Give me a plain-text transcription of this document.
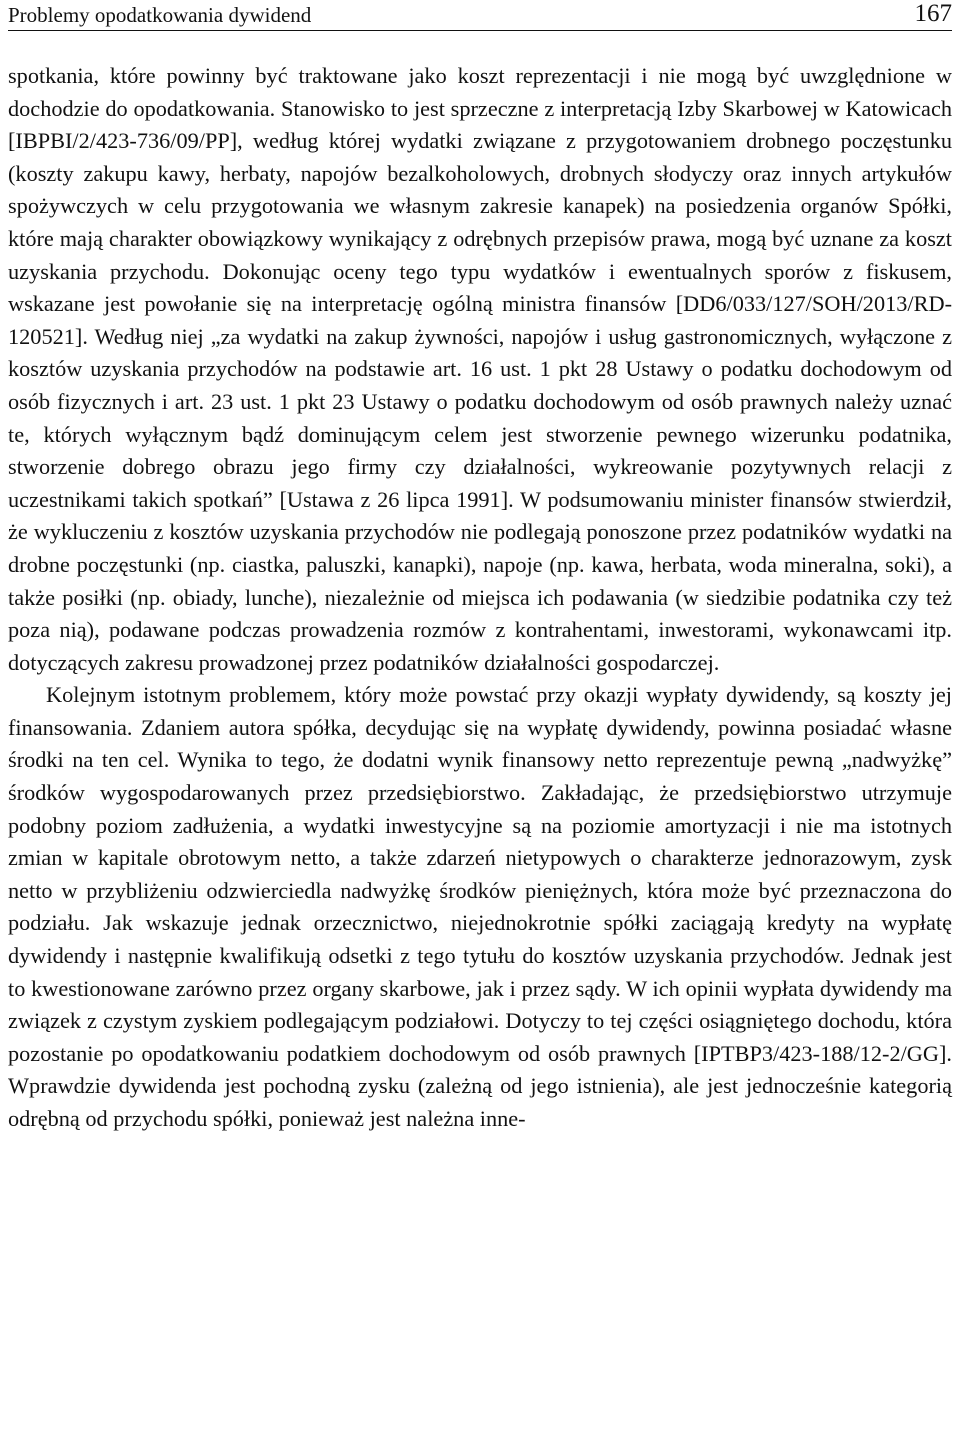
Problemy opodatkowania dywidend	167

spotkania, które powinny być traktowane jako koszt reprezentacji i nie mogą być uwzględnione w dochodzie do opodatkowania. Stanowisko to jest sprzeczne z interpretacją Izby Skarbowej w Katowicach [IBPBI/2/423-736/09/PP], według której wydatki związane z przygotowaniem drobnego poczęstunku (koszty zakupu kawy, herbaty, napojów bezalkoholowych, drobnych słodyczy oraz innych artykułów spożywczych w celu przygotowania we własnym zakresie kanapek) na posiedzenia organów Spółki, które mają charakter obowiązkowy wynikający z odrębnych przepisów prawa, mogą być uznane za koszt uzyskania przychodu. Dokonując oceny tego typu wydatków i ewentualnych sporów z fiskusem, wskazane jest powołanie się na interpretację ogólną ministra finansów [DD6/033/127/SOH/2013/RD-120521]. Według niej „za wydatki na zakup żywności, napojów i usług gastronomicznych, wyłączone z kosztów uzyskania przychodów na podstawie art. 16 ust. 1 pkt 28 Ustawy o podatku dochodowym od osób fizycznych i art. 23 ust. 1 pkt 23 Ustawy o podatku dochodowym od osób prawnych należy uznać te, których wyłącznym bądź dominującym celem jest stworzenie pewnego wizerunku podatnika, stworzenie dobrego obrazu jego firmy czy działalności, wykreowanie pozytywnych relacji z uczestnikami takich spotkań” [Ustawa z 26 lipca 1991]. W podsumowaniu minister finansów stwierdził, że wykluczeniu z kosztów uzyskania przychodów nie podlegają ponoszone przez podatników wydatki na drobne poczęstunki (np. ciastka, paluszki, kanapki), napoje (np. kawa, herbata, woda mineralna, soki), a także posiłki (np. obiady, lunche), niezależnie od miejsca ich podawania (w siedzibie podatnika czy też poza nią), podawane podczas prowadzenia rozmów z kontrahentami, inwestorami, wykonawcami itp. dotyczących zakresu prowadzonej przez podatników działalności gospodarczej.

Kolejnym istotnym problemem, który może powstać przy okazji wypłaty dywidendy, są koszty jej finansowania. Zdaniem autora spółka, decydując się na wypłatę dywidendy, powinna posiadać własne środki na ten cel. Wynika to tego, że dodatni wynik finansowy netto reprezentuje pewną „nadwyżkę” środków wygospodarowanych przez przedsiębiorstwo. Zakładając, że przedsiębiorstwo utrzymuje podobny poziom zadłużenia, a wydatki inwestycyjne są na poziomie amortyzacji i nie ma istotnych zmian w kapitale obrotowym netto, a także zdarzeń nietypowych o charakterze jednorazowym, zysk netto w przybliżeniu odzwierciedla nadwyżkę środków pieniężnych, która może być przeznaczona do podziału. Jak wskazuje jednak orzecznictwo, niejednokrotnie spółki zaciągają kredyty na wypłatę dywidendy i następnie kwalifikują odsetki z tego tytułu do kosztów uzyskania przychodów. Jednak jest to kwestionowane zarówno przez organy skarbowe, jak i przez sądy. W ich opinii wypłata dywidendy ma związek z czystym zyskiem podlegającym podziałowi. Dotyczy to tej części osiągniętego dochodu, która pozostanie po opodatkowaniu podatkiem dochodowym od osób prawnych [IPTBP3/423-188/12-2/GG]. Wprawdzie dywidenda jest pochodną zysku (zależną od jego istnienia), ale jest jednocześnie kategorią odrębną od przychodu spółki, ponieważ jest należna inne-
